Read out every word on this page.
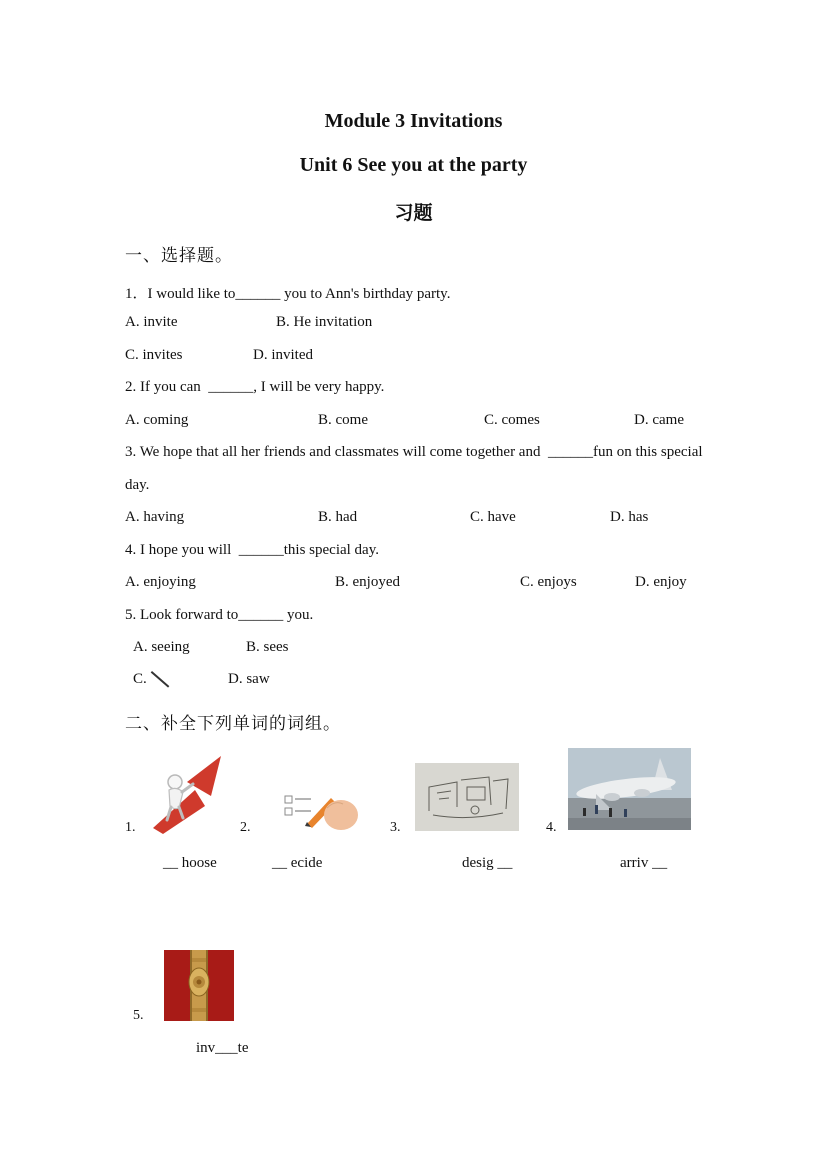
Module 3 Invitations
Unit 6 See you at the party
习题
一、选择题。
1．I would like to______ you to Ann's birthday party.
A. invite	B. He invitation
C. invites	D. invited
2. If you can  ______, I will be very happy.
A. coming	B. come	C. comes	D. came
3. We hope that all her friends and classmates will come together and  ______fun on this special
day.
A. having	B. had	C. have	D. has
4. I hope you will  ______this special day.
A. enjoying	B. enjoyed	C. enjoys	D. enjoy
5. Look forward to______ you.
A. seeing	B. sees
C.	D. saw
二、补全下列单词的词组。
1.	2.	3.	4.
__ hoose	__ ecide	desig __	arriv __
5.
inv___te
